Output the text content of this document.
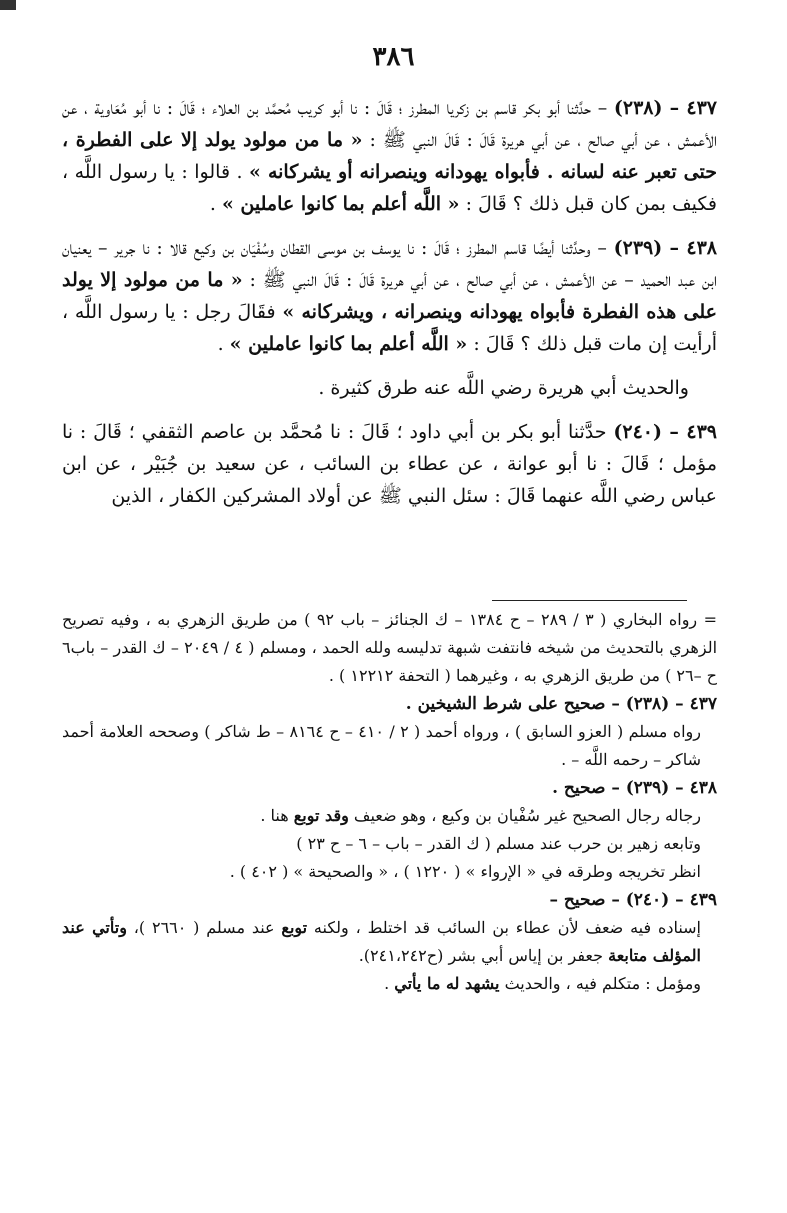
٣٨٦

٤٣٧ – (٢٣٨) – حدَّثنا أبو بكر قاسم بن زكريا المطرز ؛ قَالَ : نا أبو كريب مُحمَّد بن العلاء ؛ قَالَ : نا أبو مُعَاوية ، عن الأعمش ، عن أبي صالح ، عن أبي هريرة قَالَ : قَالَ النبي ﷺ : « ما من مولود يولد إلا على الفطرة ، حتى تعبر عنه لسانه . فأبواه يهودانه وينصرانه أو يشركانه » . قالوا : يا رسول اللَّه ، فكيف بمن كان قبل ذلك ؟ قَالَ : « اللَّه أعلم بما كانوا عاملين » .

٤٣٨ – (٢٣٩) – وحدَّثنا أيضًا قاسم المطرز ؛ قَالَ : نا يوسف بن موسى القطان وسُفْيَان بن وكيع قالا : نا جرير – يعنيان ابن عبد الحميد – عن الأعمش ، عن أبي صالح ، عن أبي هريرة قَالَ : قَالَ النبي ﷺ : « ما من مولود إلا يولد على هذه الفطرة فأبواه يهودانه وينصرانه ، ويشركانه » فقَالَ رجل : يا رسول اللَّه ، أرأيت إن مات قبل ذلك ؟ قَالَ : « اللَّه أعلم بما كانوا عاملين » .

والحديث أبي هريرة رضي اللَّه عنه طرق كثيرة .

٤٣٩ – (٢٤٠) حدَّثنا أبو بكر بن أبي داود ؛ قَالَ : نا مُحمَّد بن عاصم الثقفي ؛ قَالَ : نا مؤمل ؛ قَالَ : نا أبو عوانة ، عن عطاء بن السائب ، عن سعيد بن جُبَيْر ، عن ابن عباس رضي اللَّه عنهما قَالَ : سئل النبي ﷺ عن أولاد المشركين الكفار ، الذين

= رواه البخاري ( ٣ / ٢٨٩ – ح ١٣٨٤ – ك الجنائز – باب ٩٢ ) من طريق الزهري به ، وفيه تصريح الزهري بالتحديث من شيخه فانتفت شبهة تدليسه ولله الحمد ، ومسلم ( ٤ / ٢٠٤٩ – ك القدر – باب٦ ح –٢٦ ) من طريق الزهري به ، وغيرهما ( التحفة ١٢٢١٢ ) .

٤٣٧ – (٢٣٨) – صحيح على شرط الشيخين .

رواه مسلم ( العزو السابق ) ، ورواه أحمد ( ٢ / ٤١٠ – ح ٨١٦٤ – ط شاكر ) وصححه العلامة أحمد شاكر – رحمه اللَّه – .

٤٣٨ – (٢٣٩) – صحيح .

رجاله رجال الصحيح غير سُفْيان بن وكيع ، وهو ضعيف وقد توبع هنا .

وتابعه زهير بن حرب عند مسلم ( ك القدر – باب – ٦ – ح ٢٣ )

انظر تخريجه وطرقه في « الإرواء » ( ١٢٢٠ ) ، « والصحيحة » ( ٤٠٢ ) .

٤٣٩ – (٢٤٠) – صحيح –

إسناده فيه ضعف لأن عطاء بن السائب قد اختلط ، ولكنه توبع عند مسلم ( ٢٦٦٠ )، وتأتي عند المؤلف متابعة جعفر بن إياس أبي بشر (ح٢٤١،٢٤٢).

ومؤمل : متكلم فيه ، والحديث يشهد له ما يأتي .
